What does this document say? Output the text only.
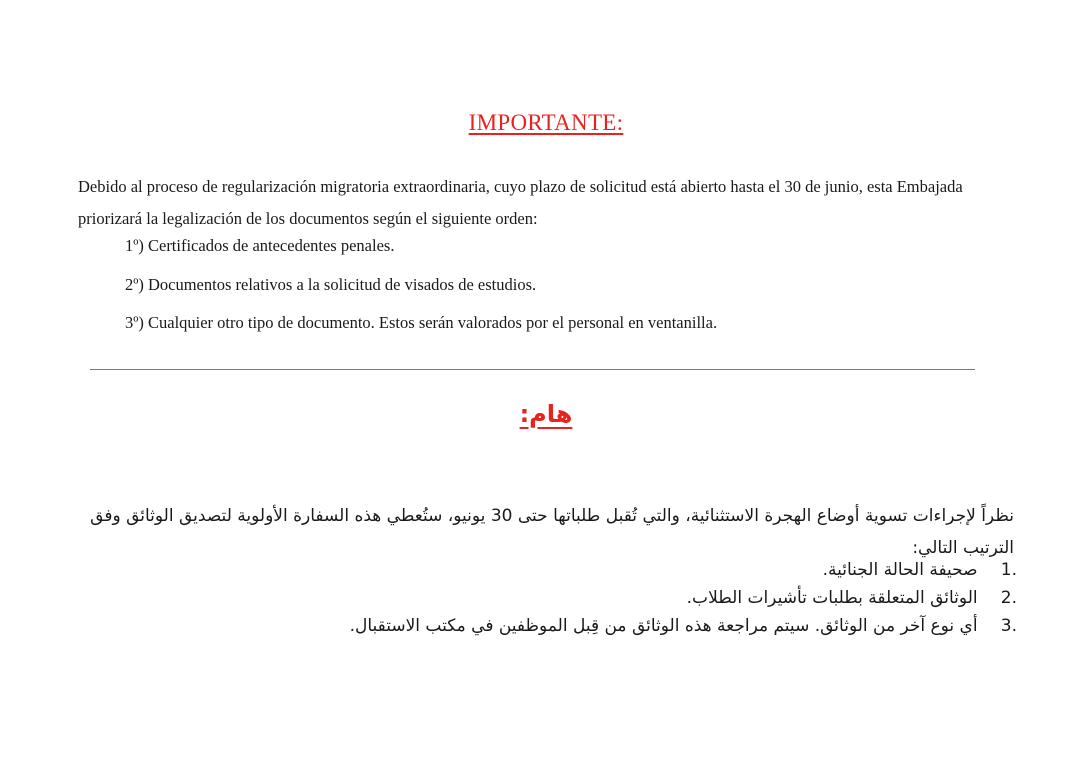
IMPORTANTE:

Debido al proceso de regularización migratoria extraordinaria, cuyo plazo de solicitud está abierto hasta el 30 de junio, esta Embajada priorizará la legalización de los documentos según el siguiente orden:

1º) Certificados de antecedentes penales.
2º) Documentos relativos a la solicitud de visados de estudios.
3º) Cualquier otro tipo de documento. Estos serán valorados por el personal en ventanilla.
هام:

نظراً لإجراءات تسوية أوضاع الهجرة الاستثنائية، والتي تُقبل طلباتها حتى 30 يونيو، ستُعطي هذه السفارة الأولوية لتصديق الوثائق وفق الترتيب التالي:

1. صحيفة الحالة الجنائية.
2. الوثائق المتعلقة بطلبات تأشيرات الطلاب.
3. أي نوع آخر من الوثائق. سيتم مراجعة هذه الوثائق من قِبل الموظفين في مكتب الاستقبال.
